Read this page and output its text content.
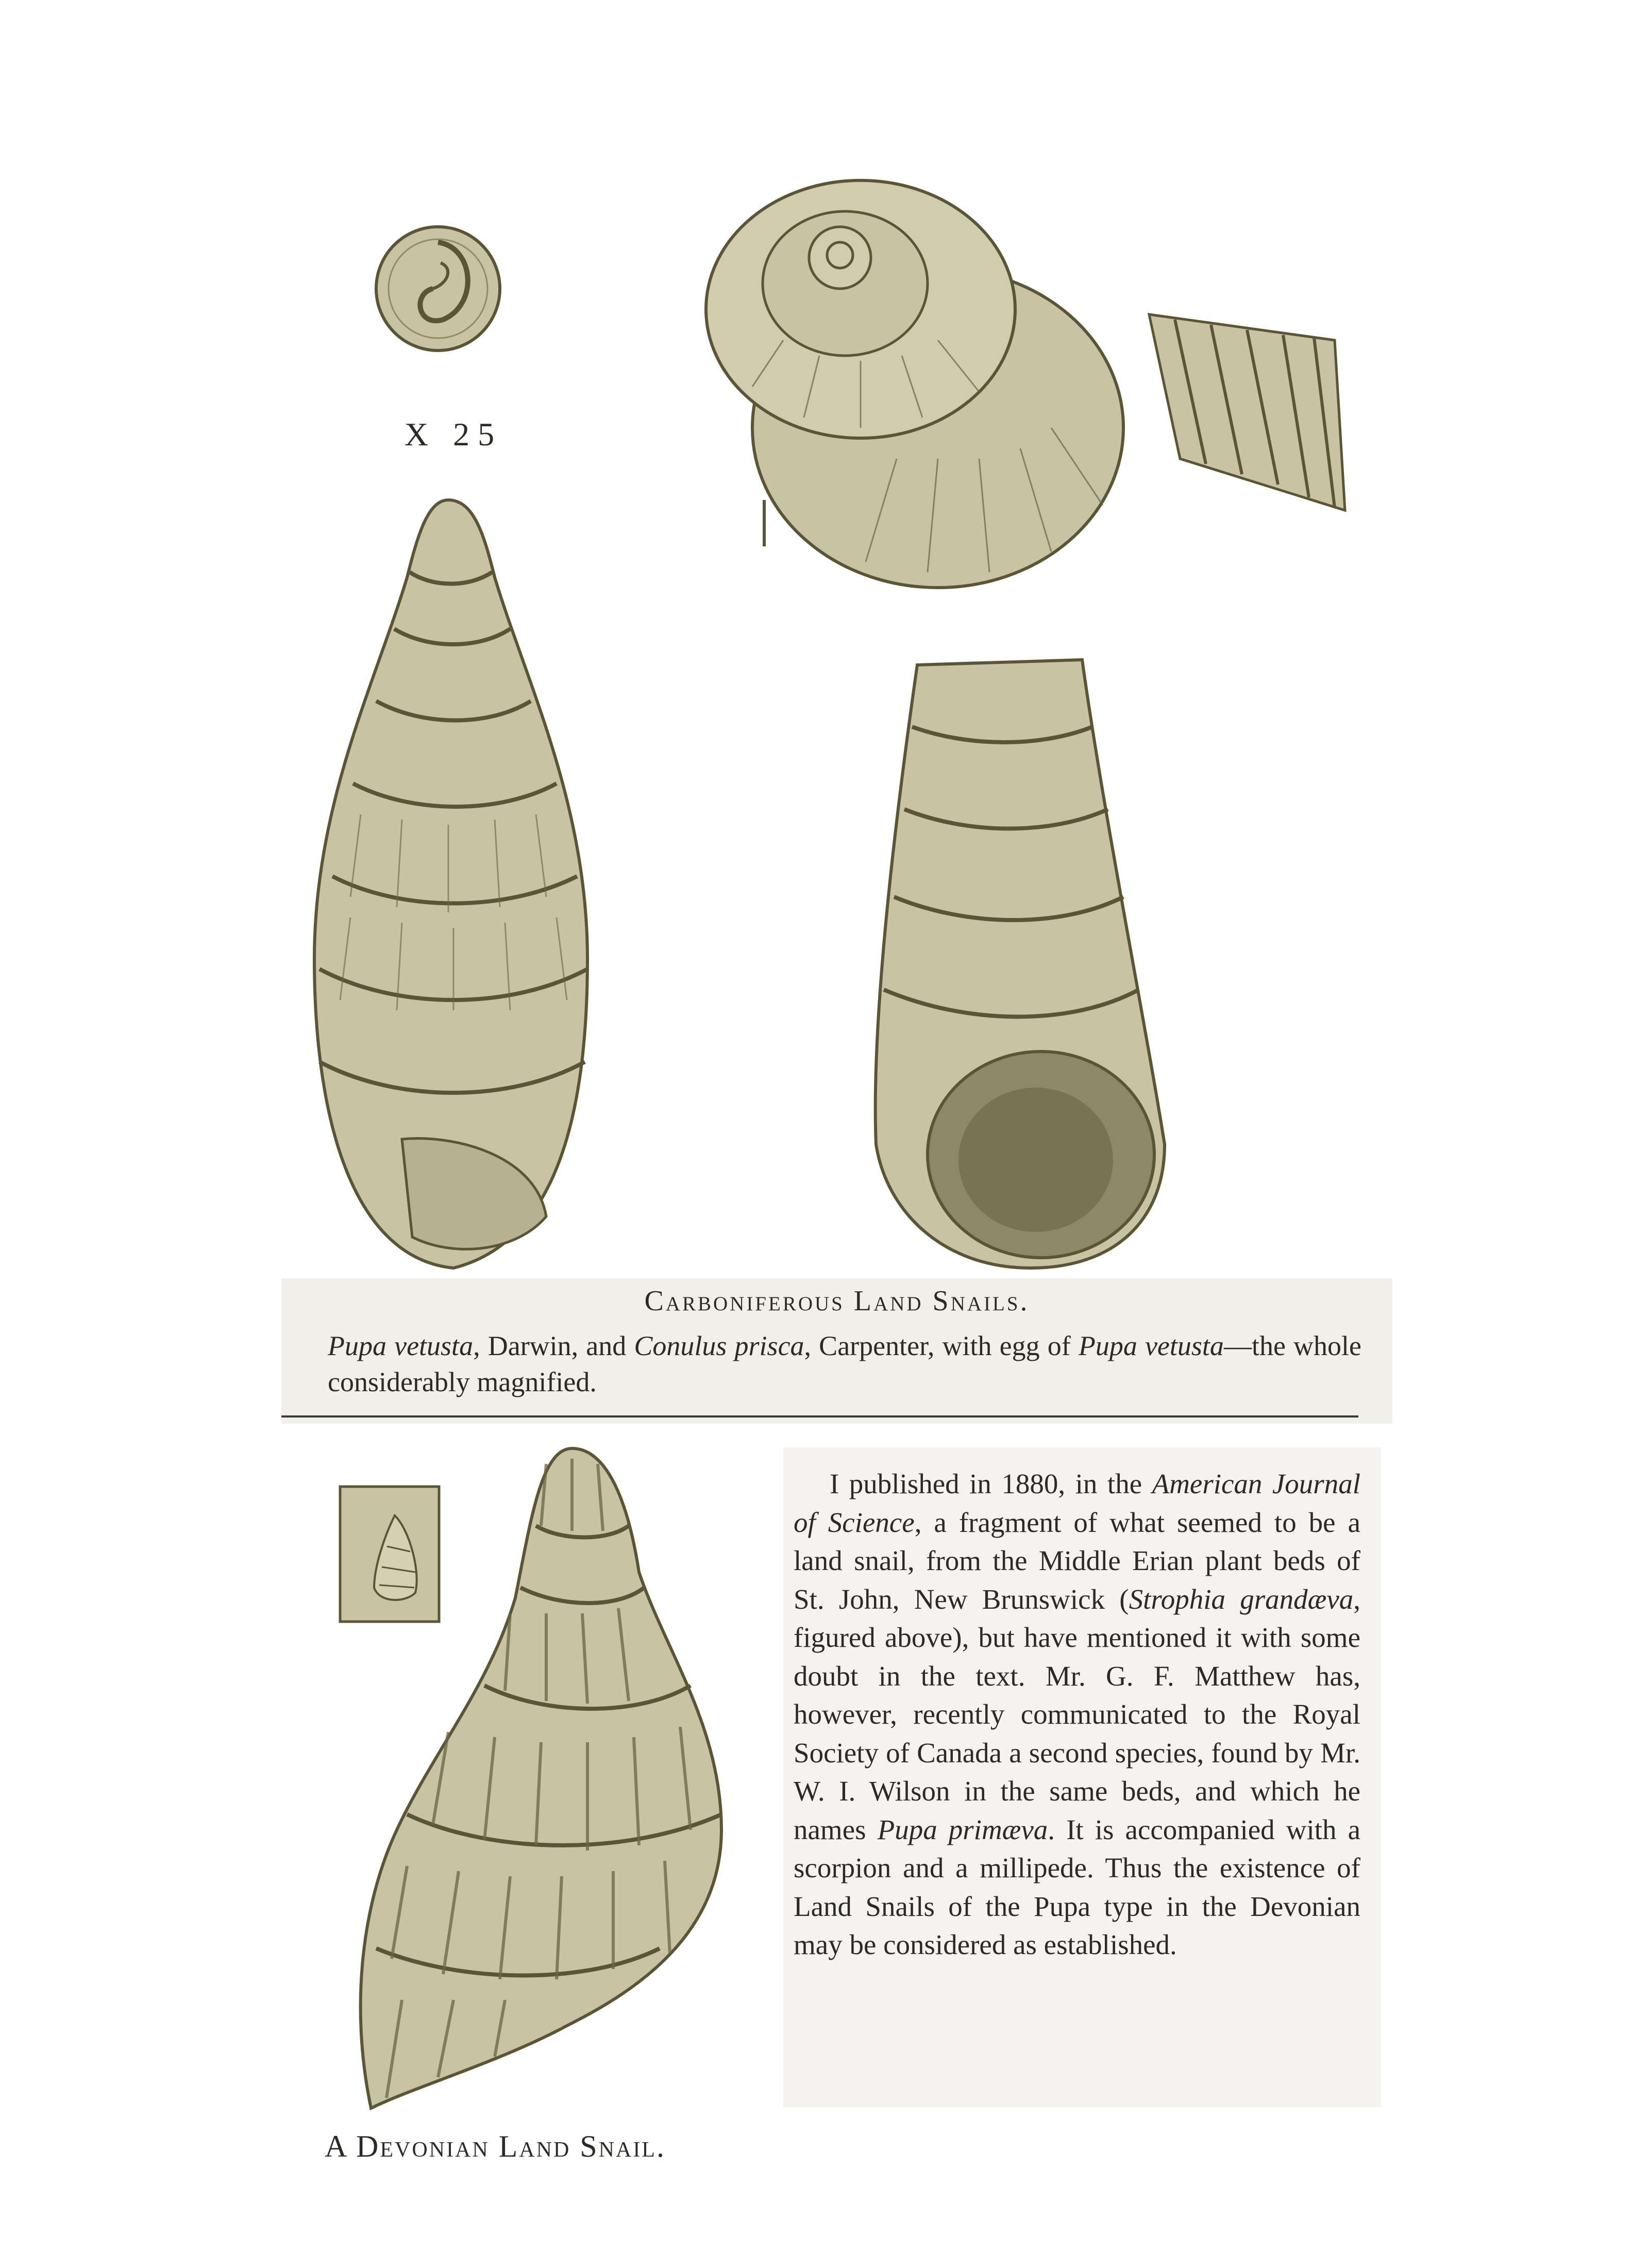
X 25
Carboniferous Land Snails.
Pupa vetusta, Darwin, and Conulus prisca, Carpenter, with egg of Pupa vetusta—the whole considerably magnified.
I published in 1880, in the American Journal of Science, a fragment of what seemed to be a land snail, from the Middle Erian plant beds of St. John, New Brunswick (Strophia grandæva, figured above), but have mentioned it with some doubt in the text. Mr. G. F. Matthew has, however, recently communicated to the Royal Society of Canada a second species, found by Mr. W. I. Wilson in the same beds, and which he names Pupa primæva. It is accompanied with a scorpion and a millipede. Thus the existence of Land Snails of the Pupa type in the Devonian may be considered as established.
A Devonian Land Snail.
